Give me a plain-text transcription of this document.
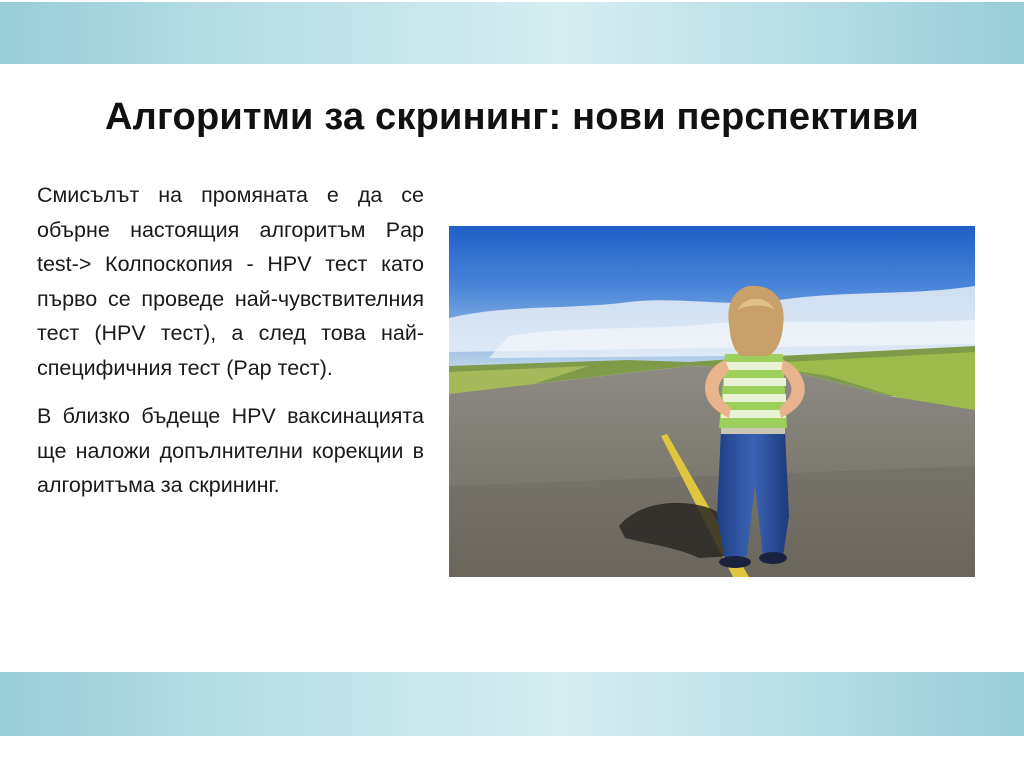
Алгоритми за скрининг: нови перспективи

Смисълът на промяната е да се обърне настоящия алгоритъм Pap test-> Колпоскопия - HPV тест като първо се проведе най-чувствителния тест (HPV тест), а след това най-специфичния тест (Pap тест).

В близко бъдеще HPV ваксинацията ще наложи допълнителни корекции в алгоритъма за скрининг.
